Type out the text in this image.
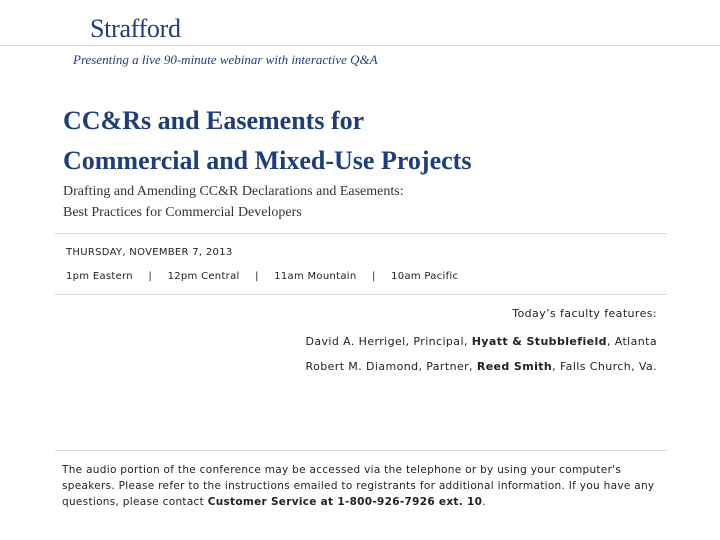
Strafford
Presenting a live 90-minute webinar with interactive Q&A
CC&Rs and Easements for
Commercial and Mixed-Use Projects
Drafting and Amending CC&R Declarations and Easements:
Best Practices for Commercial Developers
THURSDAY, NOVEMBER 7, 2013
1pm Eastern | 12pm Central | 11am Mountain | 10am Pacific
Today’s faculty features:
David A. Herrigel, Principal, Hyatt & Stubblefield, Atlanta
Robert M. Diamond, Partner, Reed Smith, Falls Church, Va.
The audio portion of the conference may be accessed via the telephone or by using your computer's speakers. Please refer to the instructions emailed to registrants for additional information. If you have any questions, please contact Customer Service at 1-800-926-7926 ext. 10.
